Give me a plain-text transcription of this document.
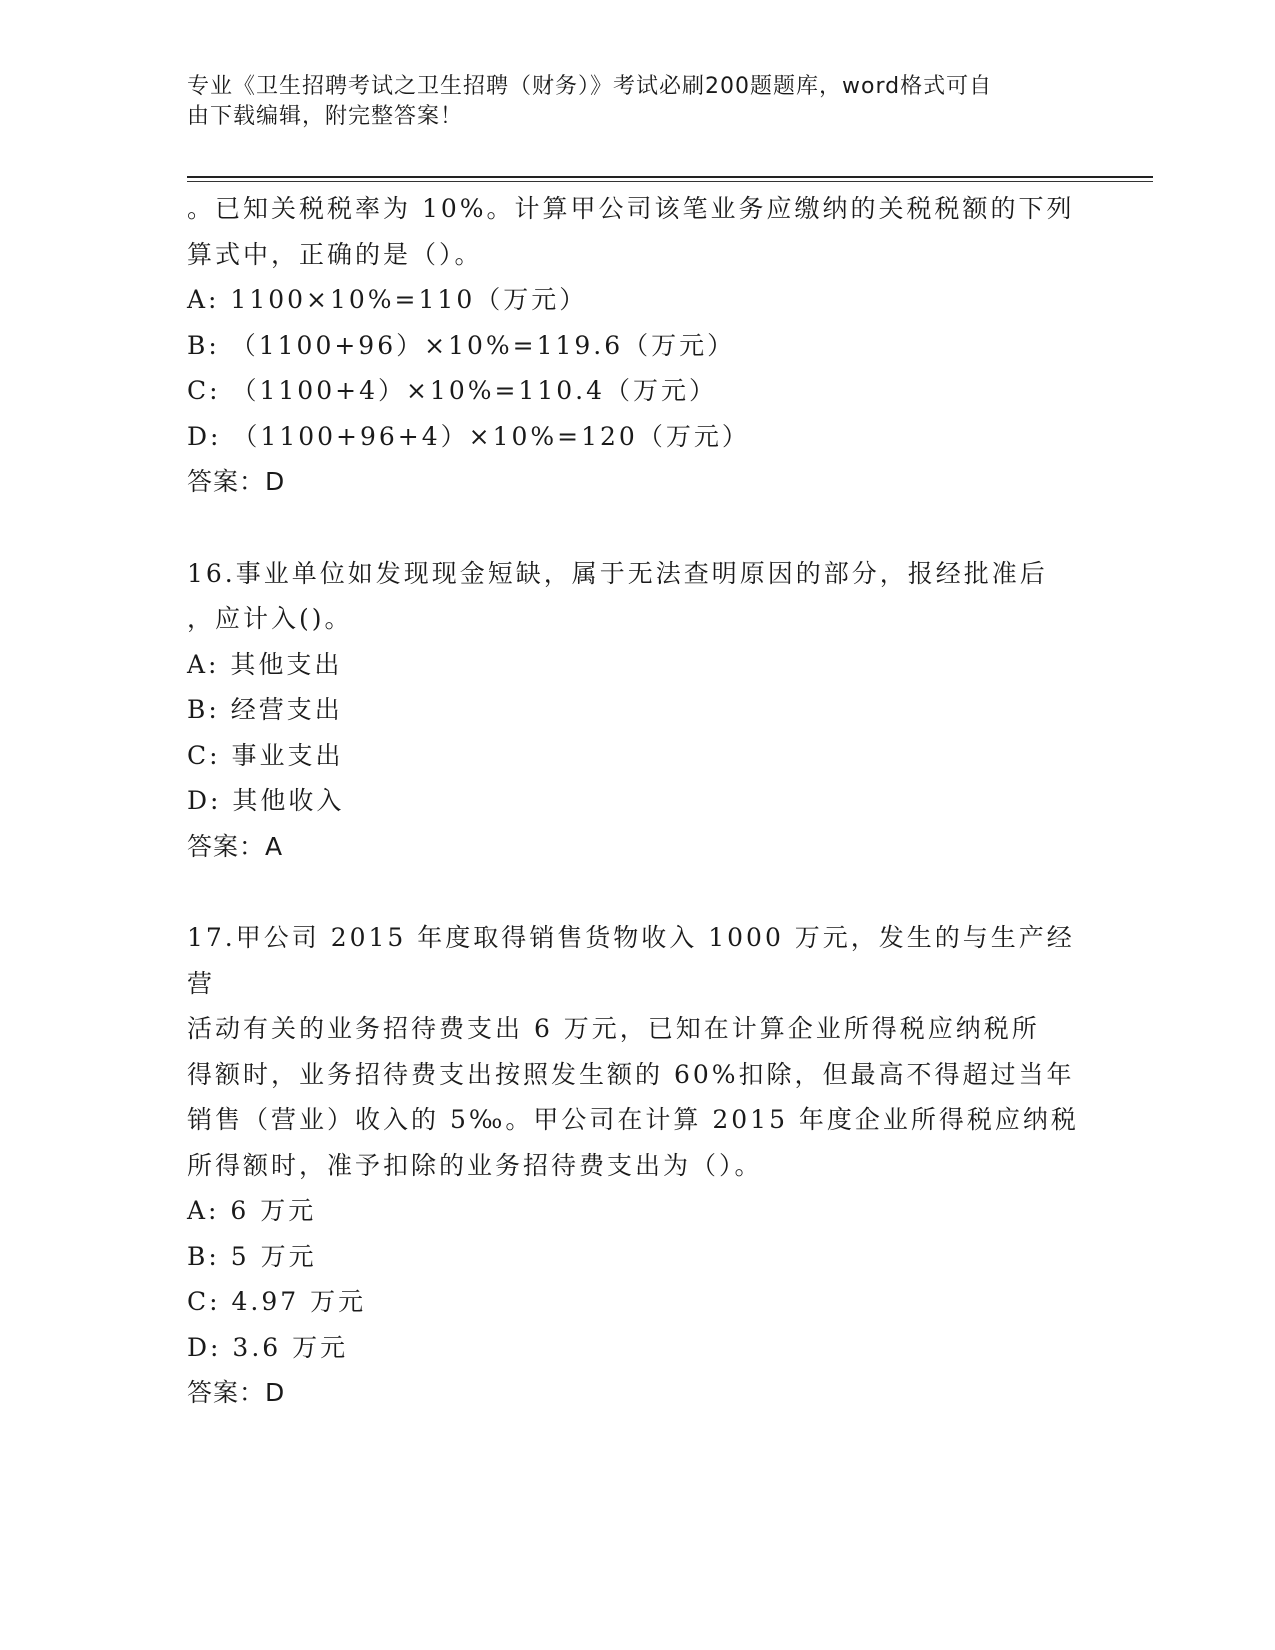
专业《卫生招聘考试之卫生招聘（财务）》考试必刷200题题库，word格式可自
由下载编辑，附完整答案！

。已知关税税率为 10%。计算甲公司该笔业务应缴纳的关税税额的下列

算式中，正确的是（）。

A: 1100×10%=110（万元）

B: （1100+96）×10%=119.6（万元）

C: （1100+4）×10%=110.4（万元）

D: （1100+96+4）×10%=120（万元）

答案：D

16.事业单位如发现现金短缺，属于无法查明原因的部分，报经批准后

，应计入()。

A: 其他支出

B: 经营支出

C: 事业支出

D: 其他收入

答案：A

17.甲公司 2015 年度取得销售货物收入 1000 万元，发生的与生产经营

活动有关的业务招待费支出 6 万元，已知在计算企业所得税应纳税所

得额时，业务招待费支出按照发生额的 60%扣除，但最高不得超过当年

销售（营业）收入的 5‰。甲公司在计算 2015 年度企业所得税应纳税

所得额时，准予扣除的业务招待费支出为（）。

A: 6 万元

B: 5 万元

C: 4.97 万元

D: 3.6 万元

答案：D
